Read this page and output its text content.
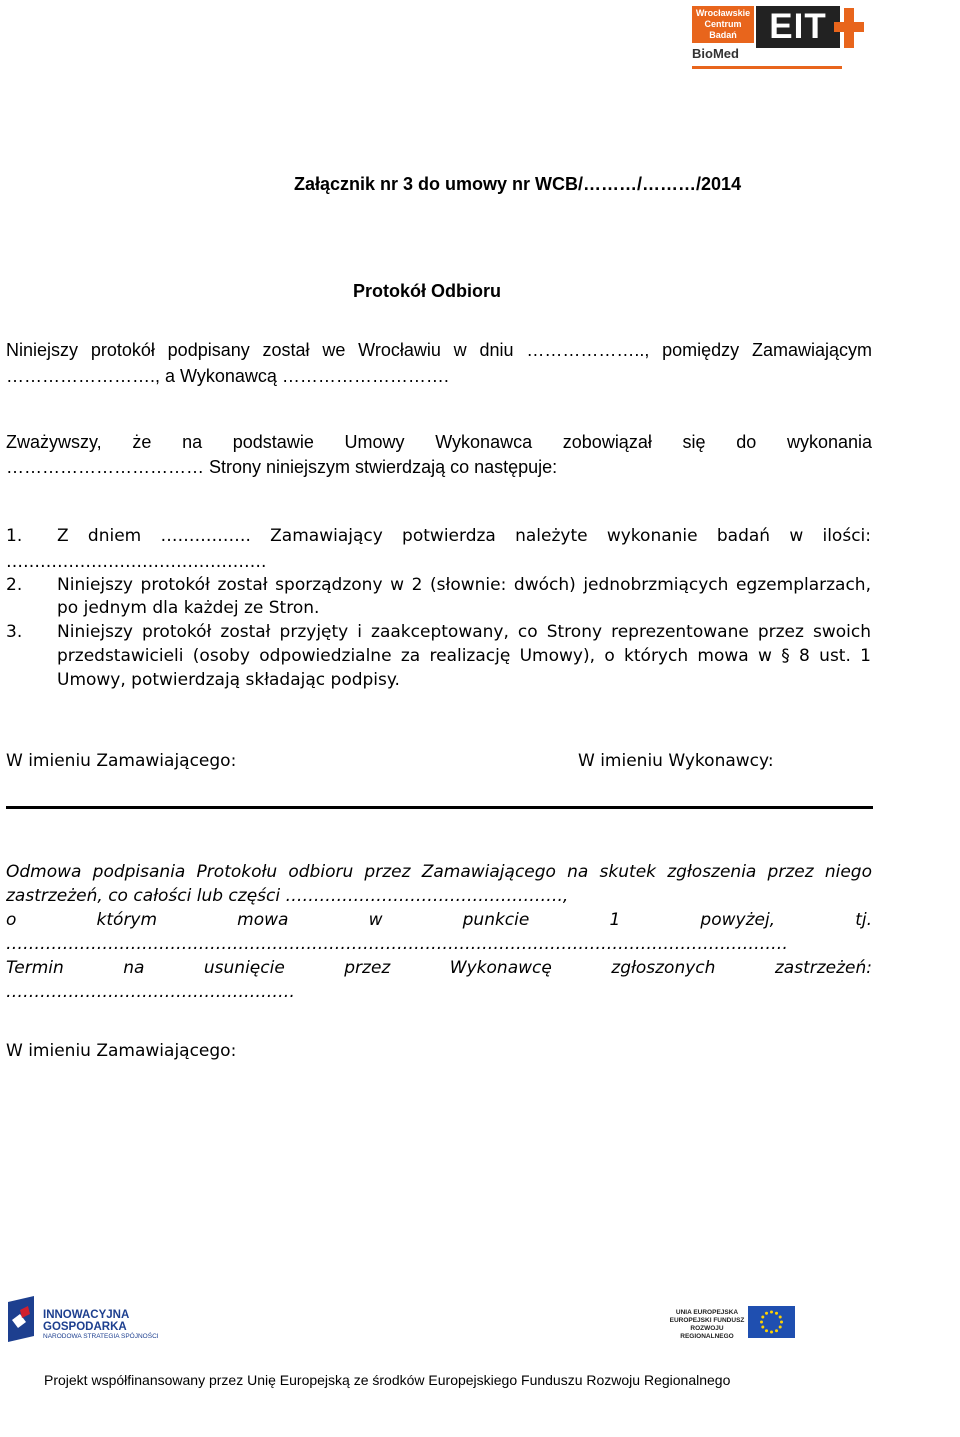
Wrocławskie Centrum Badań EIT
BioMed
Załącznik nr 3 do umowy nr WCB/………/………/2014
Protokół Odbioru
Niniejszy protokół podpisany został we Wrocławiu w dniu ……………….., pomiędzy Zamawiającym
……………………., a Wykonawcą ……………………….
Zważywszy, że na podstawie Umowy Wykonawca zobowiązał się do wykonania
…………………………… Strony niniejszym stwierdzają co następuje:
1. Z dniem ……………. Zamawiający potwierdza należyte wykonanie badań w ilości:
……………………………………….
2. Niniejszy protokół został sporządzony w 2 (słownie: dwóch) jednobrzmiących egzemplarzach,
po jednym dla każdej ze Stron.
3. Niniejszy protokół został przyjęty i zaakceptowany, co Strony reprezentowane przez swoich
przedstawicieli (osoby odpowiedzialne za realizację Umowy), o których mowa w § 8 ust. 1
Umowy, potwierdzają składając podpisy.
W imieniu Zamawiającego:	W imieniu Wykonawcy:
Odmowa podpisania Protokołu odbioru przez Zamawiającego na skutek zgłoszenia przez niego
zastrzeżeń, co całości lub części ………………………………………….,
o którym mowa w punkcie 1 powyżej, tj.
…………………………………………………………………………………………………………………………
Termin na usunięcie przez Wykonawcę zgłoszonych zastrzeżeń:
……………………………………………
W imieniu Zamawiającego:
INNOWACYJNA
GOSPODARKA
NARODOWA STRATEGIA SPÓJNOŚCI
UNIA EUROPEJSKA
EUROPEJSKI FUNDUSZ
ROZWOJU REGIONALNEGO
Projekt współfinansowany przez Unię Europejską ze środków Europejskiego Funduszu Rozwoju Regionalnego
